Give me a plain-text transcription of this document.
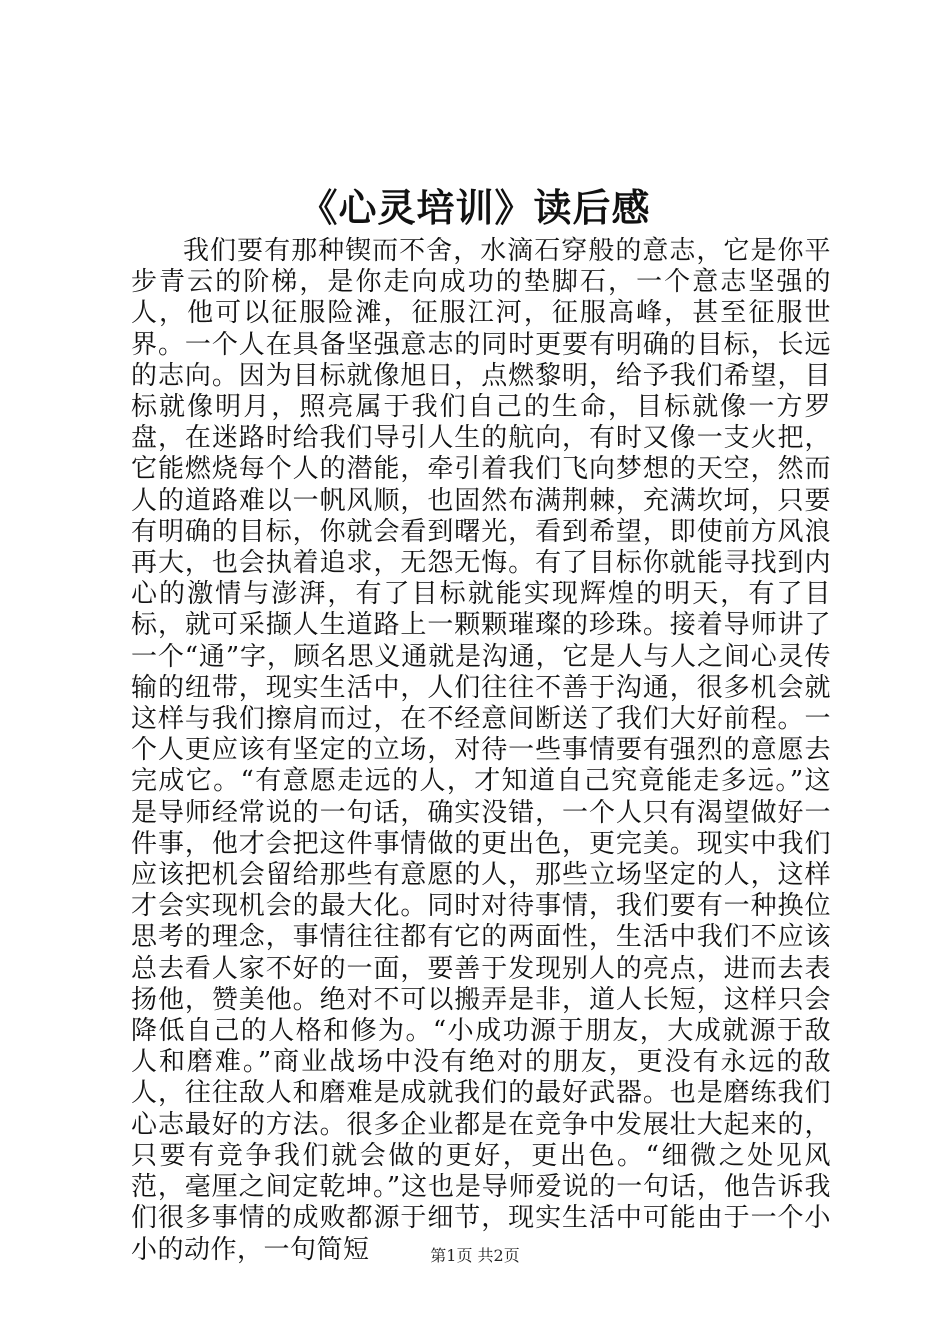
《心灵培训》读后感

我们要有那种锲而不舍，水滴石穿般的意志，它是你平步青云的阶梯，是你走向成功的垫脚石，一个意志坚强的人，他可以征服险滩，征服江河，征服高峰，甚至征服世界。一个人在具备坚强意志的同时更要有明确的目标，长远的志向。因为目标就像旭日，点燃黎明，给予我们希望，目标就像明月，照亮属于我们自己的生命，目标就像一方罗盘，在迷路时给我们导引人生的航向，有时又像一支火把，它能燃烧每个人的潜能，牵引着我们飞向梦想的天空，然而人的道路难以一帆风顺，也固然布满荆棘，充满坎坷，只要有明确的目标，你就会看到曙光，看到希望，即使前方风浪再大，也会执着追求，无怨无悔。有了目标你就能寻找到内心的激情与澎湃，有了目标就能实现辉煌的明天，有了目标，就可采撷人生道路上一颗颗璀璨的珍珠。接着导师讲了一个“通”字，顾名思义通就是沟通，它是人与人之间心灵传输的纽带，现实生活中，人们往往不善于沟通，很多机会就这样与我们擦肩而过，在不经意间断送了我们大好前程。一个人更应该有坚定的立场，对待一些事情要有强烈的意愿去完成它。“有意愿走远的人，才知道自己究竟能走多远。”这是导师经常说的一句话，确实没错，一个人只有渴望做好一件事，他才会把这件事情做的更出色，更完美。现实中我们应该把机会留给那些有意愿的人，那些立场坚定的人，这样才会实现机会的最大化。同时对待事情，我们要有一种换位思考的理念，事情往往都有它的两面性，生活中我们不应该总去看人家不好的一面，要善于发现别人的亮点，进而去表扬他，赞美他。绝对不可以搬弄是非，道人长短，这样只会降低自己的人格和修为。“小成功源于朋友，大成就源于敌人和磨难。”商业战场中没有绝对的朋友，更没有永远的敌人，往往敌人和磨难是成就我们的最好武器。也是磨练我们心志最好的方法。很多企业都是在竞争中发展壮大起来的，只要有竞争我们就会做的更好，更出色。“细微之处见风范，毫厘之间定乾坤。”这也是导师爱说的一句话，他告诉我们很多事情的成败都源于细节，现实生活中可能由于一个小小的动作，一句简短	第1页 共2页
